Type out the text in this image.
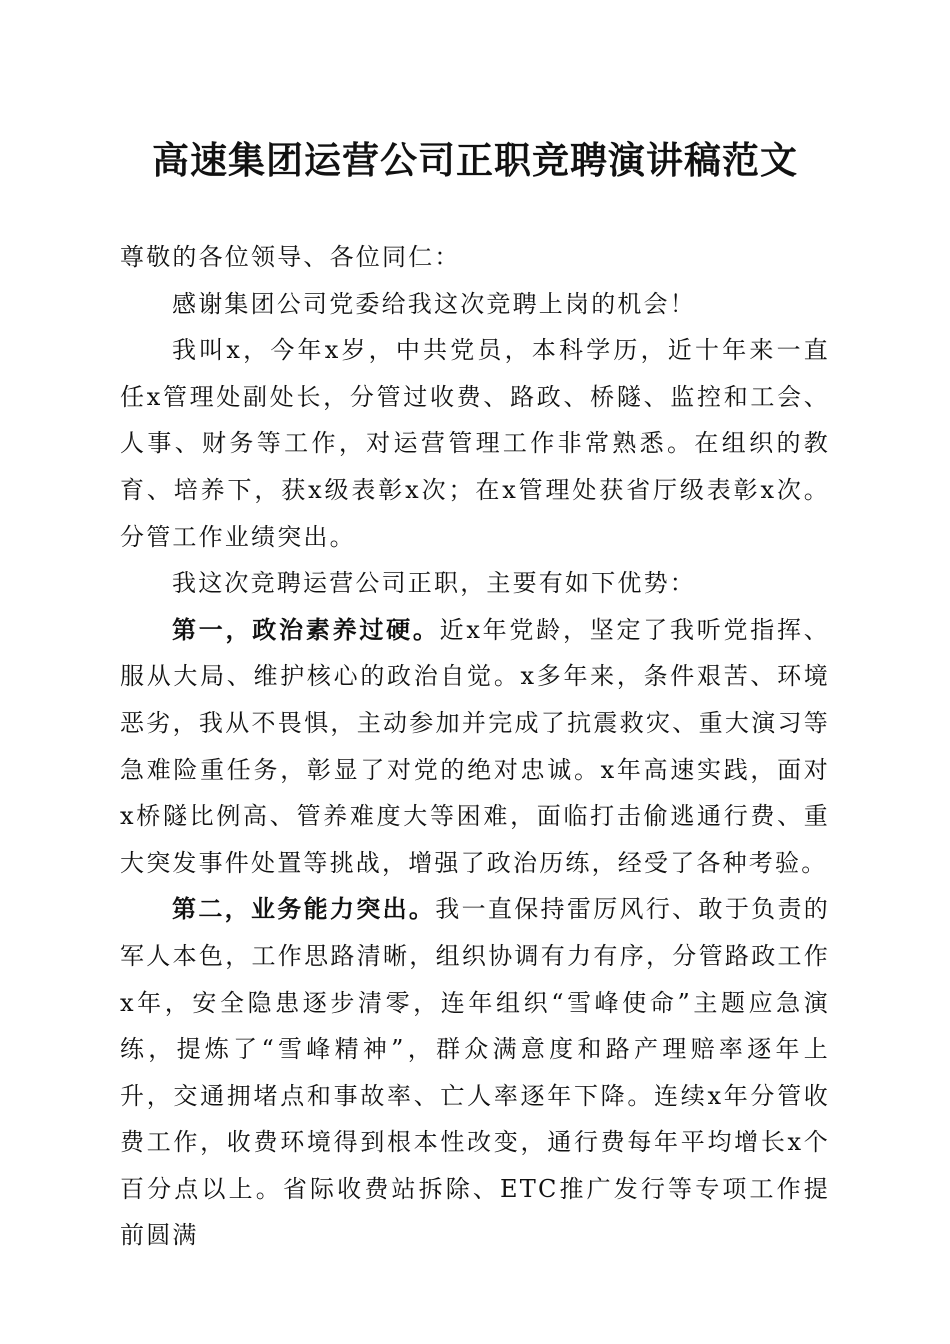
高速集团运营公司正职竞聘演讲稿范文

尊敬的各位领导、各位同仁：

感谢集团公司党委给我这次竞聘上岗的机会！

我叫x，今年x岁，中共党员，本科学历，近十年来一直任x管理处副处长，分管过收费、路政、桥隧、监控和工会、人事、财务等工作，对运营管理工作非常熟悉。在组织的教育、培养下，获x级表彰x次；在x管理处获省厅级表彰x次。分管工作业绩突出。

我这次竞聘运营公司正职，主要有如下优势：

第一，政治素养过硬。近x年党龄，坚定了我听党指挥、服从大局、维护核心的政治自觉。x多年来，条件艰苦、环境恶劣，我从不畏惧，主动参加并完成了抗震救灾、重大演习等急难险重任务，彰显了对党的绝对忠诚。x年高速实践，面对x桥隧比例高、管养难度大等困难，面临打击偷逃通行费、重大突发事件处置等挑战，增强了政治历练，经受了各种考验。

第二，业务能力突出。我一直保持雷厉风行、敢于负责的军人本色，工作思路清晰，组织协调有力有序，分管路政工作x年，安全隐患逐步清零，连年组织“雪峰使命”主题应急演练，提炼了“雪峰精神”，群众满意度和路产理赔率逐年上升，交通拥堵点和事故率、亡人率逐年下降。连续x年分管收费工作，收费环境得到根本性改变，通行费每年平均增长x个百分点以上。省际收费站拆除、ETC推广发行等专项工作提前圆满
